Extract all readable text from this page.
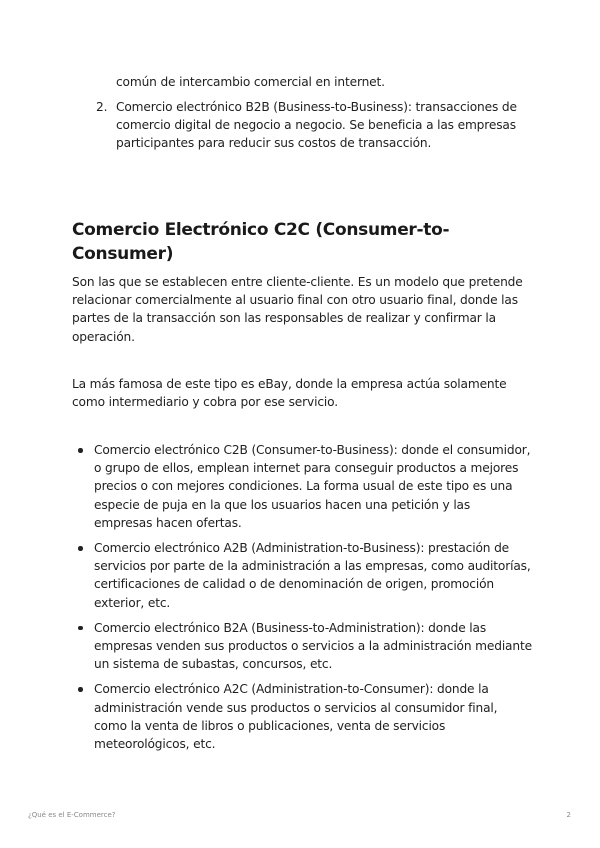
común de intercambio comercial en internet.

2. Comercio electrónico B2B (Business-to-Business): transacciones de comercio digital de negocio a negocio. Se beneficia a las empresas participantes para reducir sus costos de transacción.
Comercio Electrónico C2C (Consumer-to-Consumer)

Son las que se establecen entre cliente-cliente. Es un modelo que pretende relacionar comercialmente al usuario final con otro usuario final, donde las partes de la transacción son las responsables de realizar y confirmar la operación.

La más famosa de este tipo es eBay, donde la empresa actúa solamente como intermediario y cobra por ese servicio.

Comercio electrónico C2B (Consumer-to-Business): donde el consumidor, o grupo de ellos, emplean internet para conseguir productos a mejores precios o con mejores condiciones. La forma usual de este tipo es una especie de puja en la que los usuarios hacen una petición y las empresas hacen ofertas.
Comercio electrónico A2B (Administration-to-Business): prestación de servicios por parte de la administración a las empresas, como auditorías, certificaciones de calidad o de denominación de origen, promoción exterior, etc.
Comercio electrónico B2A (Business-to-Administration): donde las empresas venden sus productos o servicios a la administración mediante un sistema de subastas, concursos, etc.
Comercio electrónico A2C (Administration-to-Consumer): donde la administración vende sus productos o servicios al consumidor final, como la venta de libros o publicaciones, venta de servicios meteorológicos, etc.
¿Qué es el E-Commerce?	2
